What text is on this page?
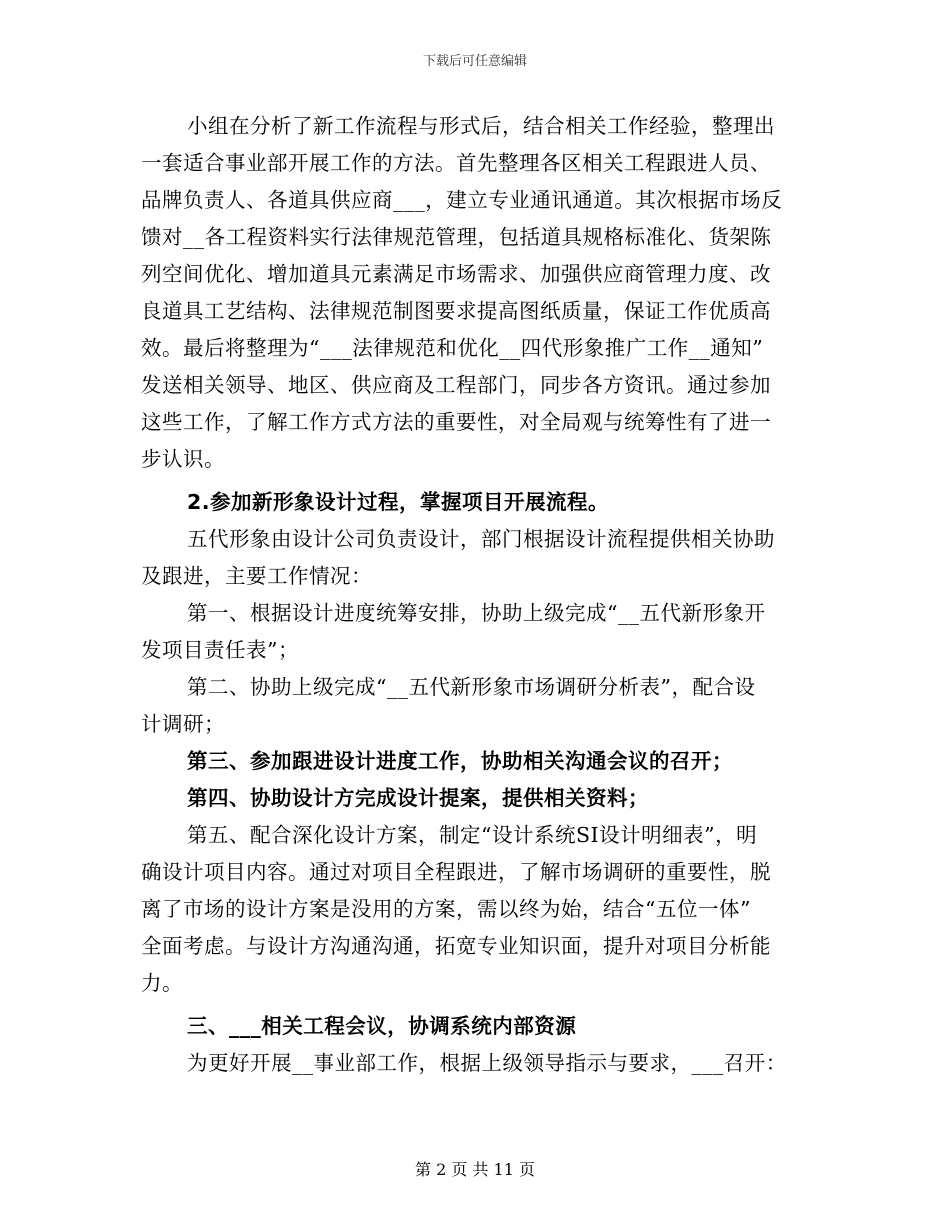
下载后可任意编辑
小组在分析了新工作流程与形式后，结合相关工作经验，整理出
一套适合事业部开展工作的方法。首先整理各区相关工程跟进人员、
品牌负责人、各道具供应商___，建立专业通讯通道。其次根据市场反
馈对__各工程资料实行法律规范管理，包括道具规格标准化、货架陈
列空间优化、增加道具元素满足市场需求、加强供应商管理力度、改
良道具工艺结构、法律规范制图要求提高图纸质量，保证工作优质高
效。最后将整理为“___法律规范和优化__四代形象推广工作__通知”
发送相关领导、地区、供应商及工程部门，同步各方资讯。通过参加
这些工作，了解工作方式方法的重要性，对全局观与统筹性有了进一
步认识。
2.参加新形象设计过程，掌握项目开展流程。
五代形象由设计公司负责设计，部门根据设计流程提供相关协助
及跟进，主要工作情况：
第一、根据设计进度统筹安排，协助上级完成“__五代新形象开
发项目责任表”；
第二、协助上级完成“__五代新形象市场调研分析表”，配合设
计调研；
第三、参加跟进设计进度工作，协助相关沟通会议的召开；
第四、协助设计方完成设计提案，提供相关资料；
第五、配合深化设计方案，制定“设计系统SI设计明细表”，明
确设计项目内容。通过对项目全程跟进，了解市场调研的重要性，脱
离了市场的设计方案是没用的方案，需以终为始，结合“五位一体”
全面考虑。与设计方沟通沟通，拓宽专业知识面，提升对项目分析能
力。
三、___相关工程会议，协调系统内部资源
为更好开展__事业部工作，根据上级领导指示与要求，___召开：
第 2 页 共 11 页
